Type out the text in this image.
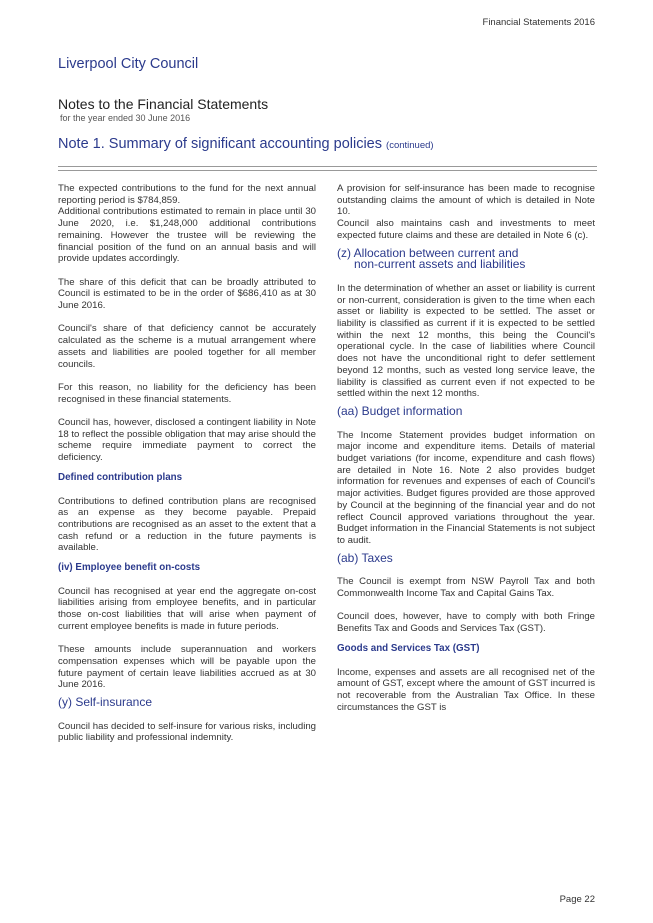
Financial Statements 2016
Liverpool City Council
Notes to the Financial Statements
for the year ended 30 June 2016
Note 1. Summary of significant accounting policies (continued)

The expected contributions to the fund for the next annual reporting period is $784,859.

Additional contributions estimated to remain in place until 30 June 2020, i.e. $1,248,000 additional contributions remaining. However the trustee will be reviewing the financial position of the fund on an annual basis and will provide updates accordingly.

The share of this deficit that can be broadly attributed to Council is estimated to be in the order of $686,410 as at 30 June 2016.

Council's share of that deficiency cannot be accurately calculated as the scheme is a mutual arrangement where assets and liabilities are pooled together for all member councils.

For this reason, no liability for the deficiency has been recognised in these financial statements.

Council has, however, disclosed a contingent liability in Note 18 to reflect the possible obligation that may arise should the scheme require immediate payment to correct the deficiency.

Defined contribution plans

Contributions to defined contribution plans are recognised as an expense as they become payable. Prepaid contributions are recognised as an asset to the extent that a cash refund or a reduction in the future payments is available.

(iv) Employee benefit on-costs

Council has recognised at year end the aggregate on-cost liabilities arising from employee benefits, and in particular those on-cost liabilities that will arise when payment of current employee benefits is made in future periods.

These amounts include superannuation and workers compensation expenses which will be payable upon the future payment of certain leave liabilities accrued as at 30 June 2016.

(y) Self-insurance

Council has decided to self-insure for various risks, including public liability and professional indemnity.

A provision for self-insurance has been made to recognise outstanding claims the amount of which is detailed in Note 10.

Council also maintains cash and investments to meet expected future claims and these are detailed in Note 6 (c).

(z) Allocation between current and
non-current assets and liabilities

In the determination of whether an asset or liability is current or non-current, consideration is given to the time when each asset or liability is expected to be settled. The asset or liability is classified as current if it is expected to be settled within the next 12 months, this being the Council's operational cycle. In the case of liabilities where Council does not have the unconditional right to defer settlement beyond 12 months, such as vested long service leave, the liability is classified as current even if not expected to be settled within the next 12 months.

(aa) Budget information

The Income Statement provides budget information on major income and expenditure items. Details of material budget variations (for income, expenditure and cash flows) are detailed in Note 16. Note 2 also provides budget information for revenues and expenses of each of Council's major activities. Budget figures provided are those approved by Council at the beginning of the financial year and do not reflect Council approved variations throughout the year. Budget information in the Financial Statements is not subject to audit.

(ab) Taxes

The Council is exempt from NSW Payroll Tax and both Commonwealth Income Tax and Capital Gains Tax.

Council does, however, have to comply with both Fringe Benefits Tax and Goods and Services Tax (GST).

Goods and Services Tax (GST)

Income, expenses and assets are all recognised net of the amount of GST, except where the amount of GST incurred is not recoverable from the Australian Tax Office. In these circumstances the GST is

Page 22
